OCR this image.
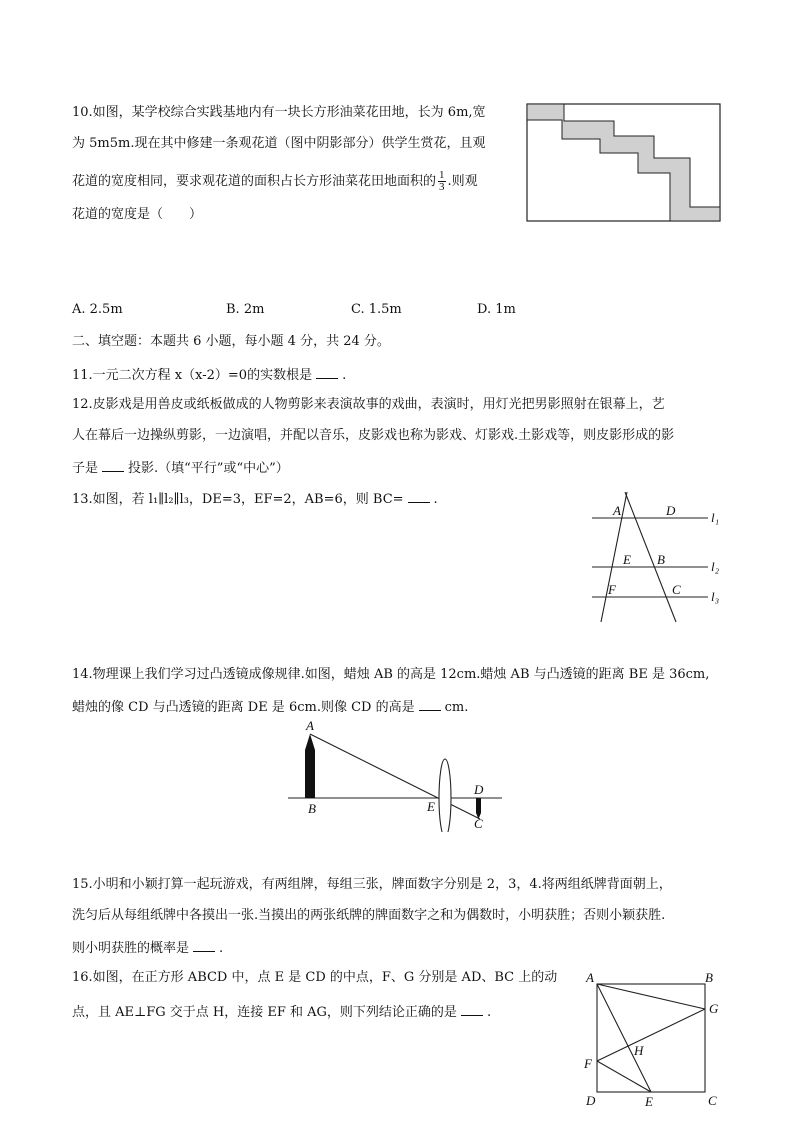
10.如图，某学校综合实践基地内有一块长方形油菜花田地，长为 6m,宽
为 5m5m.现在其中修建一条观花道（图中阴影部分）供学生赏花，且观
花道的宽度相同，要求观花道的面积占长方形油菜花田地面积的 $\frac{1}{3}$ .则观
花道的宽度是（　　）
A. 2.5m	B. 2m	C. 1.5m	D. 1m
二、填空题：本题共 6 小题，每小题 4 分，共 24 分。
11.一元二次方程 x（x-2）=0的实数根是 .
12.皮影戏是用兽皮或纸板做成的人物剪影来表演故事的戏曲，表演时，用灯光把男影照射在银幕上，艺
人在幕后一边操纵剪影，一边演唱，并配以音乐，皮影戏也称为影戏、灯影戏.土影戏等，则皮影形成的影
子是 投影.（填“平行”或“中心”）
13.如图，若 l₁∥l₂∥l₃，DE=3，EF=2，AB=6，则 BC= .
A	D
E B
F	C
l₁
l₂
l₃
14.物理课上我们学习过凸透镜成像规律.如图，蜡烛 AB 的高是 12cm.蜡烛 AB 与凸透镜的距离 BE 是 36cm,
蜡烛的像 CD 与凸透镜的距离 DE 是 6cm.则像 CD 的高是 cm.
A
B	E
D
C
15.小明和小颖打算一起玩游戏，有两组牌，每组三张，牌面数字分别是 2，3，4.将两组纸牌背面朝上，
洗匀后从每组纸牌中各摸出一张.当摸出的两张纸牌的牌面数字之和为偶数时，小明获胜；否则小颖获胜.
则小明获胜的概率是 .
16.如图，在正方形 ABCD 中，点 E 是 CD 的中点，F、G 分别是 AD、BC 上的动
点，且 AE⊥FG 交于点 H，连接 EF 和 AG，则下列结论正确的是 .
A	B
C
D	E
F
G
H
